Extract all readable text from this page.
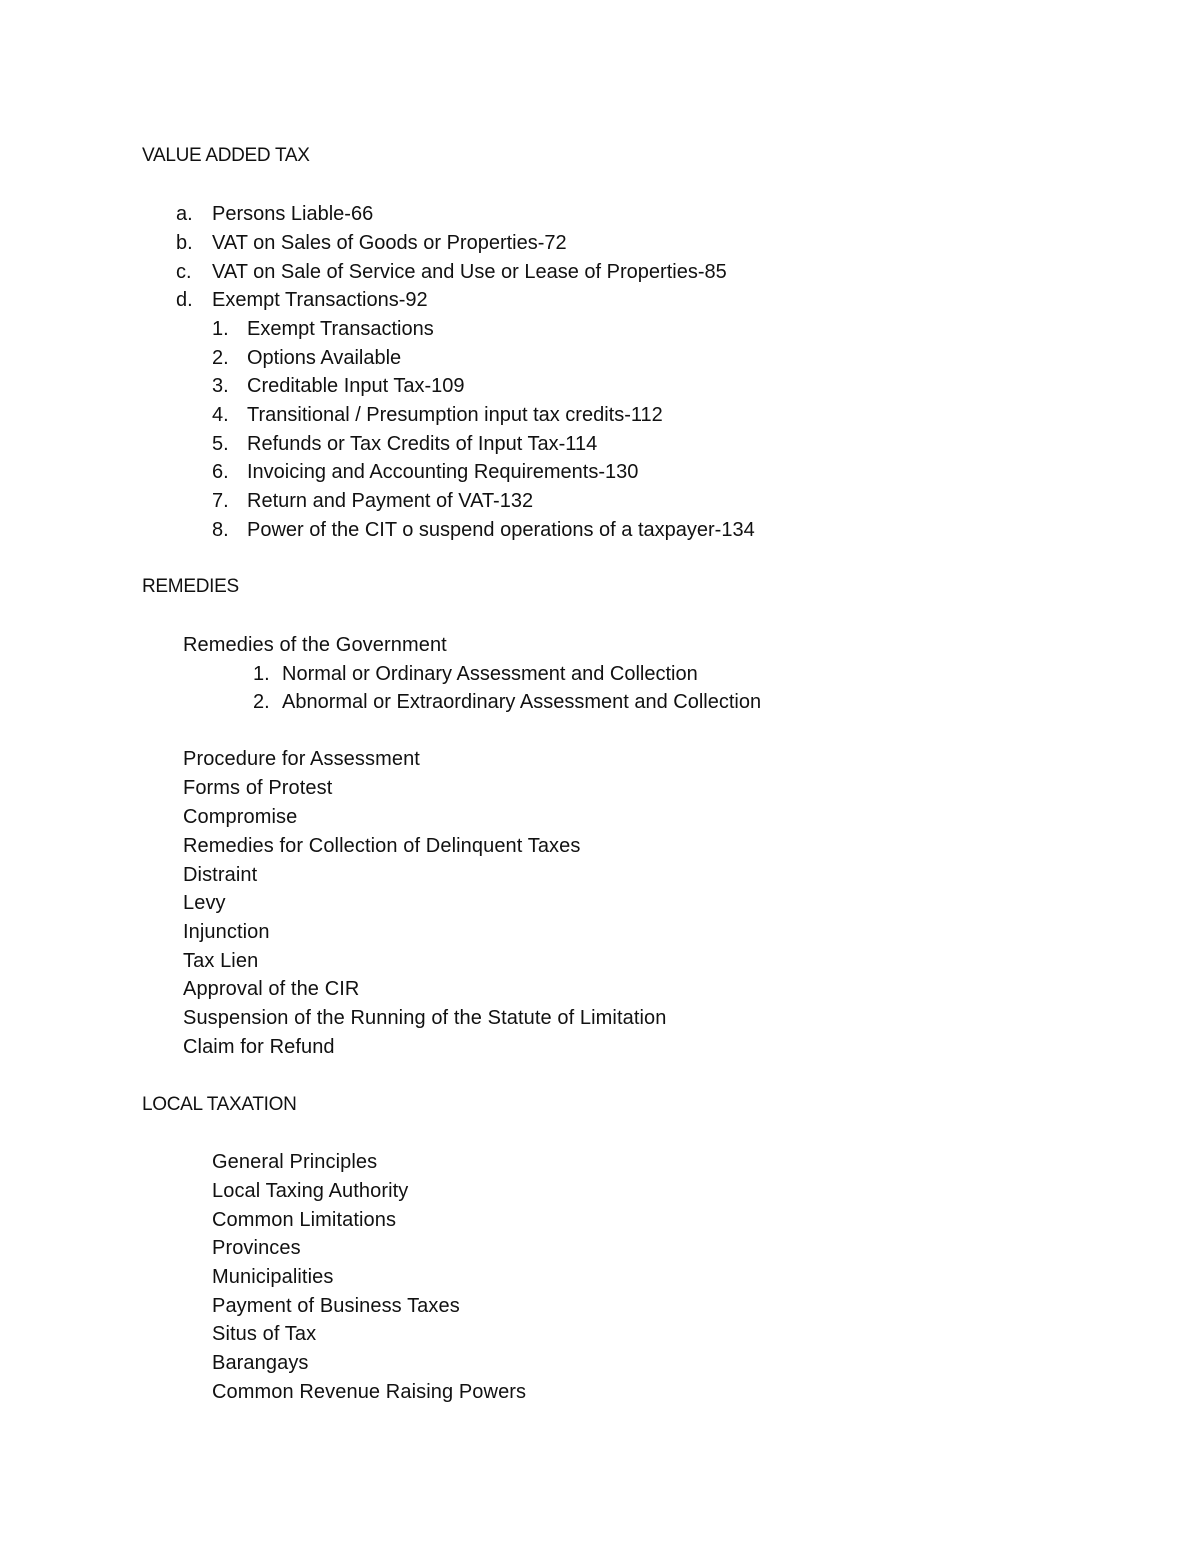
VALUE ADDED TAX
a. Persons Liable-66
b. VAT on Sales of Goods or Properties-72
c. VAT on Sale of Service and Use or Lease of Properties-85
d. Exempt Transactions-92
1. Exempt Transactions
2. Options Available
3. Creditable Input Tax-109
4. Transitional / Presumption input tax credits-112
5. Refunds or Tax Credits of Input Tax-114
6. Invoicing and Accounting Requirements-130
7. Return and Payment of VAT-132
8. Power of the CIT o suspend operations of a taxpayer-134
REMEDIES
Remedies of the Government
1. Normal or Ordinary Assessment and Collection
2. Abnormal or Extraordinary Assessment and Collection
Procedure for Assessment
Forms of Protest
Compromise
Remedies for Collection of Delinquent Taxes
Distraint
Levy
Injunction
Tax Lien
Approval of the CIR
Suspension of the Running of the Statute of Limitation
Claim for Refund
LOCAL TAXATION
General Principles
Local Taxing Authority
Common Limitations
Provinces
Municipalities
Payment of Business Taxes
Situs of Tax
Barangays
Common Revenue Raising Powers
